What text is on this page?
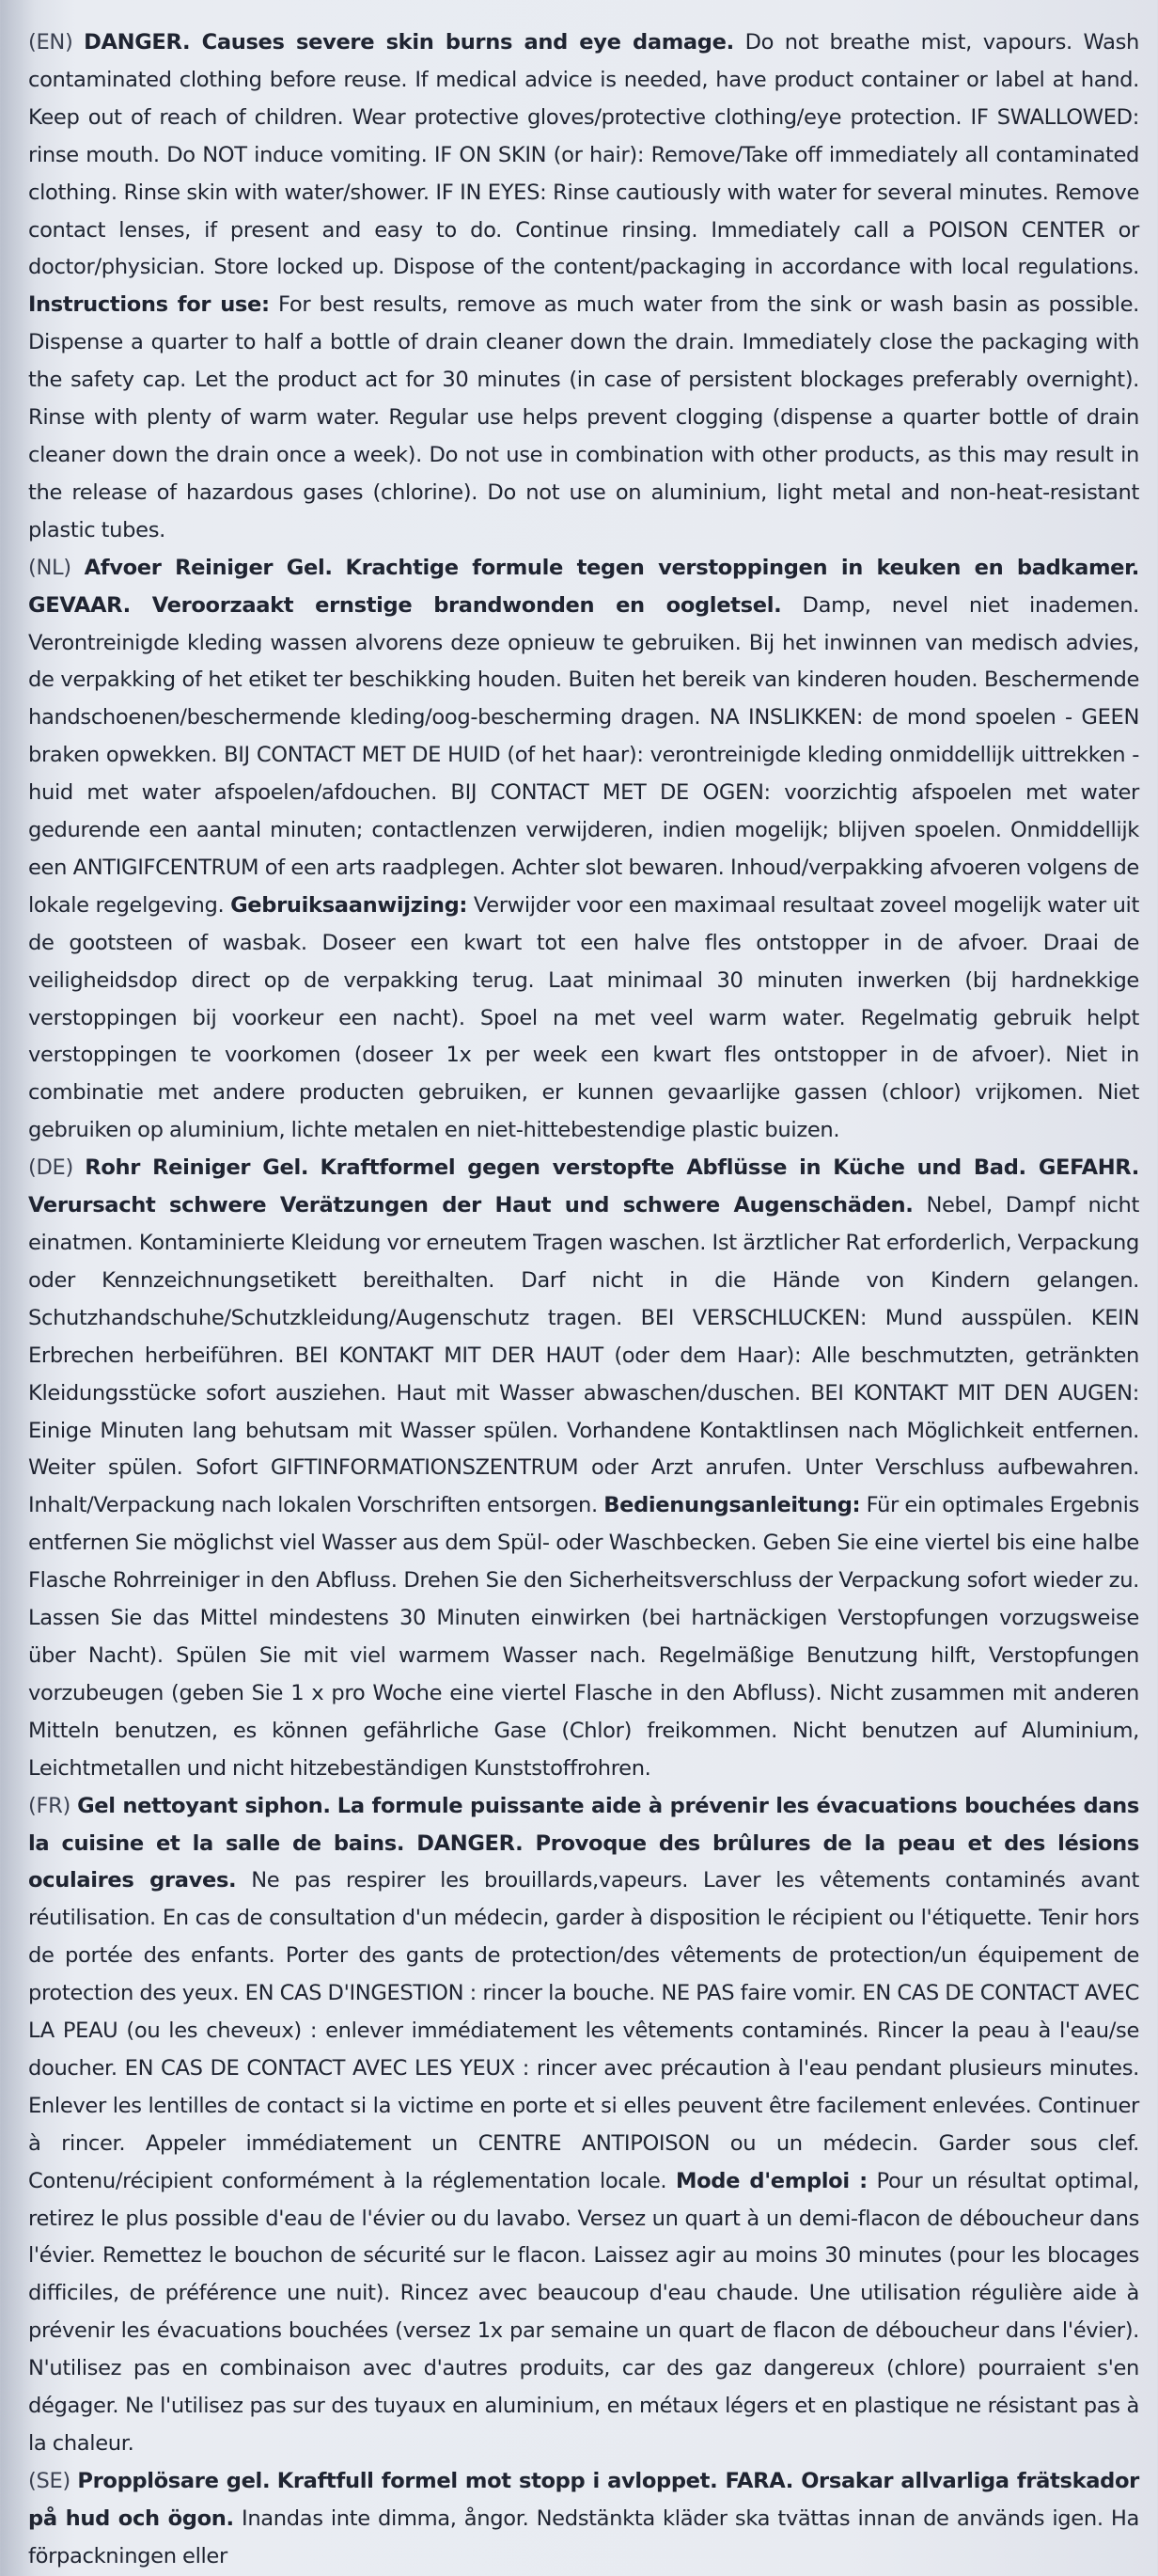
(EN) DANGER. Causes severe skin burns and eye damage. Do not breathe mist, vapours. Wash contaminated clothing before reuse. If medical advice is needed, have product container or label at hand. Keep out of reach of children. Wear protective gloves/protective clothing/eye protection. IF SWALLOWED: rinse mouth. Do NOT induce vomiting. IF ON SKIN (or hair): Remove/Take off immediately all contaminated clothing. Rinse skin with water/shower. IF IN EYES: Rinse cautiously with water for several minutes. Remove contact lenses, if present and easy to do. Continue rinsing. Immediately call a POISON CENTER or doctor/physician. Store locked up. Dispose of the content/packaging in accordance with local regulations. Instructions for use: For best results, remove as much water from the sink or wash basin as possible. Dispense a quarter to half a bottle of drain cleaner down the drain. Immediately close the packaging with the safety cap. Let the product act for 30 minutes (in case of persistent blockages preferably overnight). Rinse with plenty of warm water. Regular use helps prevent clogging (dispense a quarter bottle of drain cleaner down the drain once a week). Do not use in combination with other products, as this may result in the release of hazardous gases (chlorine). Do not use on aluminium, light metal and non-heat-resistant plastic tubes.

(NL) Afvoer Reiniger Gel. Krachtige formule tegen verstoppingen in keuken en badkamer. GEVAAR. Veroorzaakt ernstige brandwonden en oogletsel. Damp, nevel niet inademen. Verontreinigde kleding wassen alvorens deze opnieuw te gebruiken. Bij het inwinnen van medisch advies, de verpakking of het etiket ter beschikking houden. Buiten het bereik van kinderen houden. Beschermende handschoenen/beschermende kleding/oog-bescherming dragen. NA INSLIKKEN: de mond spoelen - GEEN braken opwekken. BIJ CONTACT MET DE HUID (of het haar): verontreinigde kleding onmiddellijk uittrekken - huid met water afspoelen/afdouchen. BIJ CONTACT MET DE OGEN: voorzichtig afspoelen met water gedurende een aantal minuten; contactlenzen verwijderen, indien mogelijk; blijven spoelen. Onmiddellijk een ANTIGIFCENTRUM of een arts raadplegen. Achter slot bewaren. Inhoud/verpakking afvoeren volgens de lokale regelgeving. Gebruiksaanwijzing: Verwijder voor een maximaal resultaat zoveel mogelijk water uit de gootsteen of wasbak. Doseer een kwart tot een halve fles ontstopper in de afvoer. Draai de veiligheidsdop direct op de verpakking terug. Laat minimaal 30 minuten inwerken (bij hardnekkige verstoppingen bij voorkeur een nacht). Spoel na met veel warm water. Regelmatig gebruik helpt verstoppingen te voorkomen (doseer 1x per week een kwart fles ontstopper in de afvoer). Niet in combinatie met andere producten gebruiken, er kunnen gevaarlijke gassen (chloor) vrijkomen. Niet gebruiken op aluminium, lichte metalen en niet-hittebestendige plastic buizen.

(DE) Rohr Reiniger Gel. Kraftformel gegen verstopfte Abflüsse in Küche und Bad. GEFAHR. Verursacht schwere Verätzungen der Haut und schwere Augenschäden. Nebel, Dampf nicht einatmen. Kontaminierte Kleidung vor erneutem Tragen waschen. Ist ärztlicher Rat erforderlich, Verpackung oder Kennzeichnungsetikett bereithalten. Darf nicht in die Hände von Kindern gelangen. Schutzhandschuhe/Schutzkleidung/Augenschutz tragen. BEI VERSCHLUCKEN: Mund ausspülen. KEIN Erbrechen herbeiführen. BEI KONTAKT MIT DER HAUT (oder dem Haar): Alle beschmutzten, getränkten Kleidungsstücke sofort ausziehen. Haut mit Wasser abwaschen/duschen. BEI KONTAKT MIT DEN AUGEN: Einige Minuten lang behutsam mit Wasser spülen. Vorhandene Kontaktlinsen nach Möglichkeit entfernen. Weiter spülen. Sofort GIFTINFORMATIONSZENTRUM oder Arzt anrufen. Unter Verschluss aufbewahren. Inhalt/Verpackung nach lokalen Vorschriften entsorgen. Bedienungsanleitung: Für ein optimales Ergebnis entfernen Sie möglichst viel Wasser aus dem Spül- oder Waschbecken. Geben Sie eine viertel bis eine halbe Flasche Rohrreiniger in den Abfluss. Drehen Sie den Sicherheitsverschluss der Verpackung sofort wieder zu. Lassen Sie das Mittel mindestens 30 Minuten einwirken (bei hartnäckigen Verstopfungen vorzugsweise über Nacht). Spülen Sie mit viel warmem Wasser nach. Regelmäßige Benutzung hilft, Verstopfungen vorzubeugen (geben Sie 1 x pro Woche eine viertel Flasche in den Abfluss). Nicht zusammen mit anderen Mitteln benutzen, es können gefährliche Gase (Chlor) freikommen. Nicht benutzen auf Aluminium, Leichtmetallen und nicht hitzebeständigen Kunststoffrohren.

(FR) Gel nettoyant siphon. La formule puissante aide à prévenir les évacuations bouchées dans la cuisine et la salle de bains. DANGER. Provoque des brûlures de la peau et des lésions oculaires graves. Ne pas respirer les brouillards,vapeurs. Laver les vêtements contaminés avant réutilisation. En cas de consultation d'un médecin, garder à disposition le récipient ou l'étiquette. Tenir hors de portée des enfants. Porter des gants de protection/des vêtements de protection/un équipement de protection des yeux. EN CAS D'INGESTION : rincer la bouche. NE PAS faire vomir. EN CAS DE CONTACT AVEC LA PEAU (ou les cheveux) : enlever immédiatement les vêtements contaminés. Rincer la peau à l'eau/se doucher. EN CAS DE CONTACT AVEC LES YEUX : rincer avec précaution à l'eau pendant plusieurs minutes. Enlever les lentilles de contact si la victime en porte et si elles peuvent être facilement enlevées. Continuer à rincer. Appeler immédiatement un CENTRE ANTIPOISON ou un médecin. Garder sous clef. Contenu/récipient conformément à la réglementation locale. Mode d'emploi : Pour un résultat optimal, retirez le plus possible d'eau de l'évier ou du lavabo. Versez un quart à un demi-flacon de déboucheur dans l'évier. Remettez le bouchon de sécurité sur le flacon. Laissez agir au moins 30 minutes (pour les blocages difficiles, de préférence une nuit). Rincez avec beaucoup d'eau chaude. Une utilisation régulière aide à prévenir les évacuations bouchées (versez 1x par semaine un quart de flacon de déboucheur dans l'évier). N'utilisez pas en combinaison avec d'autres produits, car des gaz dangereux (chlore) pourraient s'en dégager. Ne l'utilisez pas sur des tuyaux en aluminium, en métaux légers et en plastique ne résistant pas à la chaleur.

(SE) Propplösare gel. Kraftfull formel mot stopp i avloppet. FARA. Orsakar allvarliga frätskador på hud och ögon. Inandas inte dimma, ångor. Nedstänkta kläder ska tvättas innan de används igen. Ha förpackningen eller
